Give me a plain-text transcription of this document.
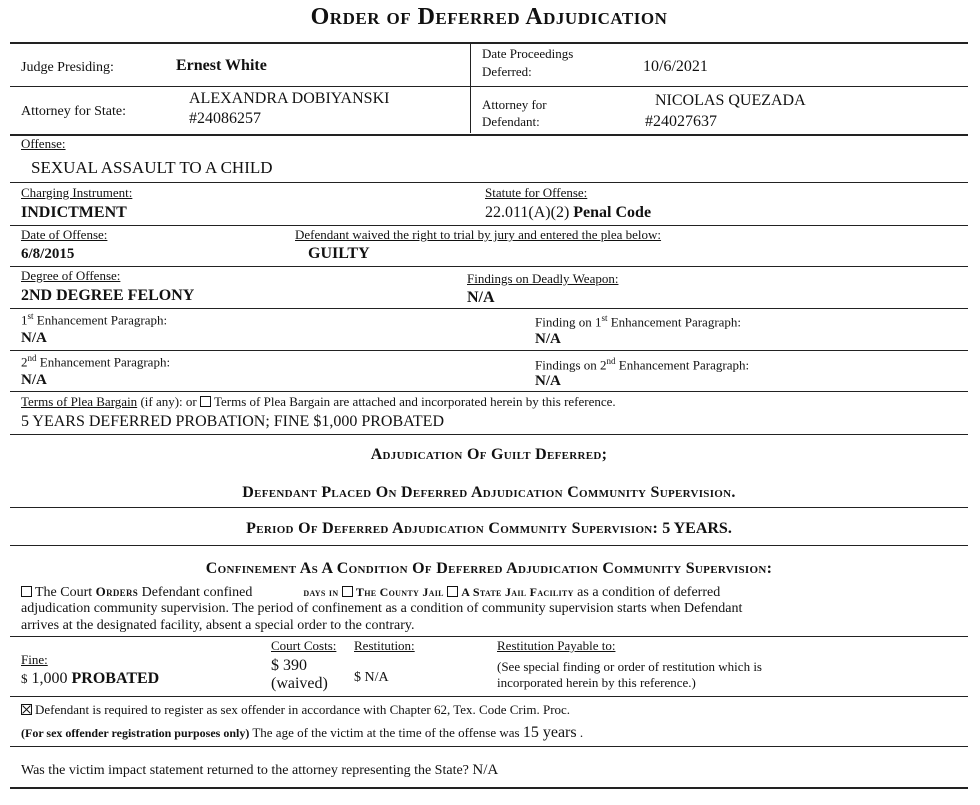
Order of Deferred Adjudication
Judge Presiding:	Ernest White
Date Proceedings
Deferred:	10/6/2021
Attorney for State:
ALEXANDRA DOBIYANSKI
#24086257
Attorney for
Defendant:
NICOLAS QUEZADA
#24027637
Offense:
SEXUAL ASSAULT TO A CHILD
Charging Instrument:
INDICTMENT
Statute for Offense:
22.011(A)(2) Penal Code
Date of Offense:
6/8/2015
Defendant waived the right to trial by jury and entered the plea below:
GUILTY
Degree of Offense:
2ND DEGREE FELONY
Findings on Deadly Weapon:
N/A
1st Enhancement Paragraph:
N/A
Finding on 1st Enhancement Paragraph:
N/A
2nd Enhancement Paragraph:
N/A
Findings on 2nd Enhancement Paragraph:
N/A
Terms of Plea Bargain (if any): or Terms of Plea Bargain are attached and incorporated herein by this reference.
5 YEARS DEFERRED PROBATION; FINE $1,000 PROBATED
Adjudication Of Guilt Deferred;
Defendant Placed On Deferred Adjudication Community Supervision.
Period Of Deferred Adjudication Community Supervision: 5 YEARS.
Confinement As A Condition Of Deferred Adjudication Community Supervision:
The Court Orders Defendant confined	days in The County Jail A State Jail Facility as a condition of deferred
adjudication community supervision. The period of confinement as a condition of community supervision starts when Defendant
arrives at the designated facility, absent a special order to the contrary.
Fine:
$ 1,000 PROBATED
Court Costs:
$ 390
(waived)
Restitution:
$ N/A
Restitution Payable to:
(See special finding or order of restitution which is
incorporated herein by this reference.)
Defendant is required to register as sex offender in accordance with Chapter 62, Tex. Code Crim. Proc.
(For sex offender registration purposes only) The age of the victim at the time of the offense was 15 years .
Was the victim impact statement returned to the attorney representing the State? N/A
